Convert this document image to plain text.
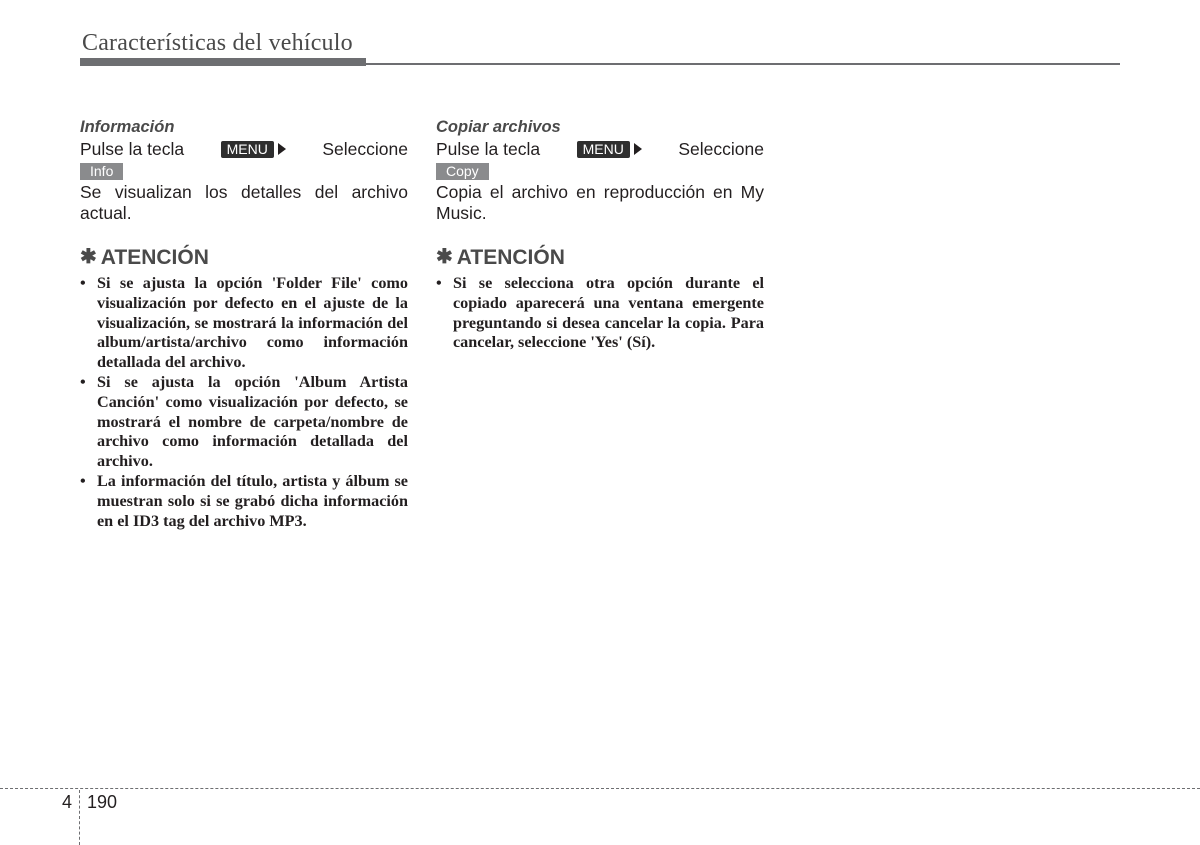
Características del vehículo

Información

Pulse la tecla	MENU	Seleccione
Info
Se visualizan los detalles del archivo actual.
✱ ATENCIÓN
• Si se ajusta la opción 'Folder File' como visualización por defecto en el ajuste de la visualización, se mostrará la información del album/artista/archivo como información detallada del archivo.
• Si se ajusta la opción 'Album Artista Canción' como visualización por defecto, se mostrará el nombre de carpeta/nombre de archivo como información detallada del archivo.
• La información del título, artista y álbum se muestran solo si se grabó dicha información en el ID3 tag del archivo MP3.

Copiar archivos

Pulse la tecla	MENU	Seleccione
Copy
Copia el archivo en reproducción en My Music.
✱ ATENCIÓN
• Si se selecciona otra opción durante el copiado aparecerá una ventana emergente preguntando si desea cancelar la copia. Para cancelar, seleccione 'Yes' (Sí).
4 190
